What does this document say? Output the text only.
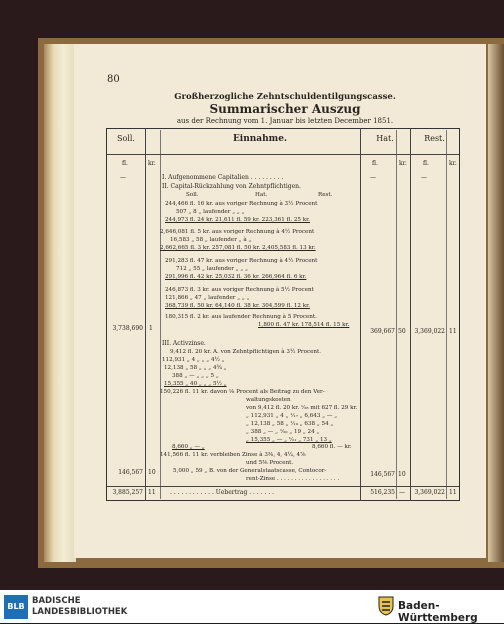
80
Großherzogliche Zehntschuldentilgungscasse.
Summarischer Auszug
aus der Rechnung vom 1. Januar bis letzten December 1851.
Soll.	Einnahme.	Hat.	Rest.
fl.	kr.	fl.	kr.	fl.	kr.
—	—	—
I. Aufgenommene Capitalien . . . . . . . . .
II. Capital-Rückzahlung von Zehntpflichtigen.
Soll.	Hat.	Rest.
244,466 fl. 16 kr. aus voriger Rechnung à 3½ Procent
507 „ 8 „ laufender „ „ „
244,973 fl. 24 kr. 21,611 fl. 59 kr. 223,361 fl. 25 kr.
2,646,081 fl. 5 kr. aus voriger Rechnung à 4½ Procent
16,583 „ 58 „ laufender „ à „
2,662,665 fl. 3 kr. 257,081 fl. 50 kr. 2,405,583 fl. 13 kr.
291,283 fl. 47 kr. aus voriger Rechnung à 4½ Procent
712 „ 55 „ laufender „ „ „
291,996 fl. 42 kr. 25,032 fl. 36 kr. 266,964 fl. 6 kr.
246,873 fl. 3 kr. aus voriger Rechnung à 5½ Procent
121,866 „ 47 „ laufender „ „ „
368,739 fl. 50 kr. 64,140 fl. 38 kr. 304,599 fl. 12 kr.
180,315 fl. 2 kr. aus laufender Rechnung à 5 Procent.
1,800 fl. 47 kr. 178,514 fl. 15 kr.
3,738,690 1	369,667 50	3,369,022 11
III. Activzinse.
9,412 fl. 20 kr. A. von Zehntpflichtigen à 3½ Procent.
112,931 „ 4 „ „ „ 4½ „
12,138 „ 58 „ „ „ 4¾ „
388 „ — „ „ „ 5 „
15,355 „ 40 „ „ „ 5½ „
150,226 fl. 11 kr. davon ⅛ Procent als Beitrag zu den Ver-
waltungskosten
von 9,412 fl. 20 kr. ⅟₂₈ mit 627 fl. 29 kr.
„ 112,931 „ 4 „ ⅟₁₇ „ 6,643 „ — „
„ 12,138 „ 58 „ ⅟₁₉ „ 638 „ 54 „
„ 388 „ — „ ⅟₂₀ „ 19 „ 24 „
„ 15,355 „ — „ ⅟₂₁ „ 731 „ 13 „
8,660 fl. — kr.
8,660 „ — „
141,566 fl. 11 kr. verbleiben Zinse à 3⅜, 4, 4¼, 4⅞
und 5⅜ Procent.
5,000 „ 59 „ B. von der Generalstaatscasse, Contocor-
rent-Zinse . . . . . . . . . . . . . . . . . .
146,567 10	146,567 10
3,885,257 11 . . . . . . . . . . . . Uebertrag . . . . . . .	516,235 —	3,369,022 11
BLB
BADISCHE
LANDESBIBLIOTHEK	Baden-Württemberg
